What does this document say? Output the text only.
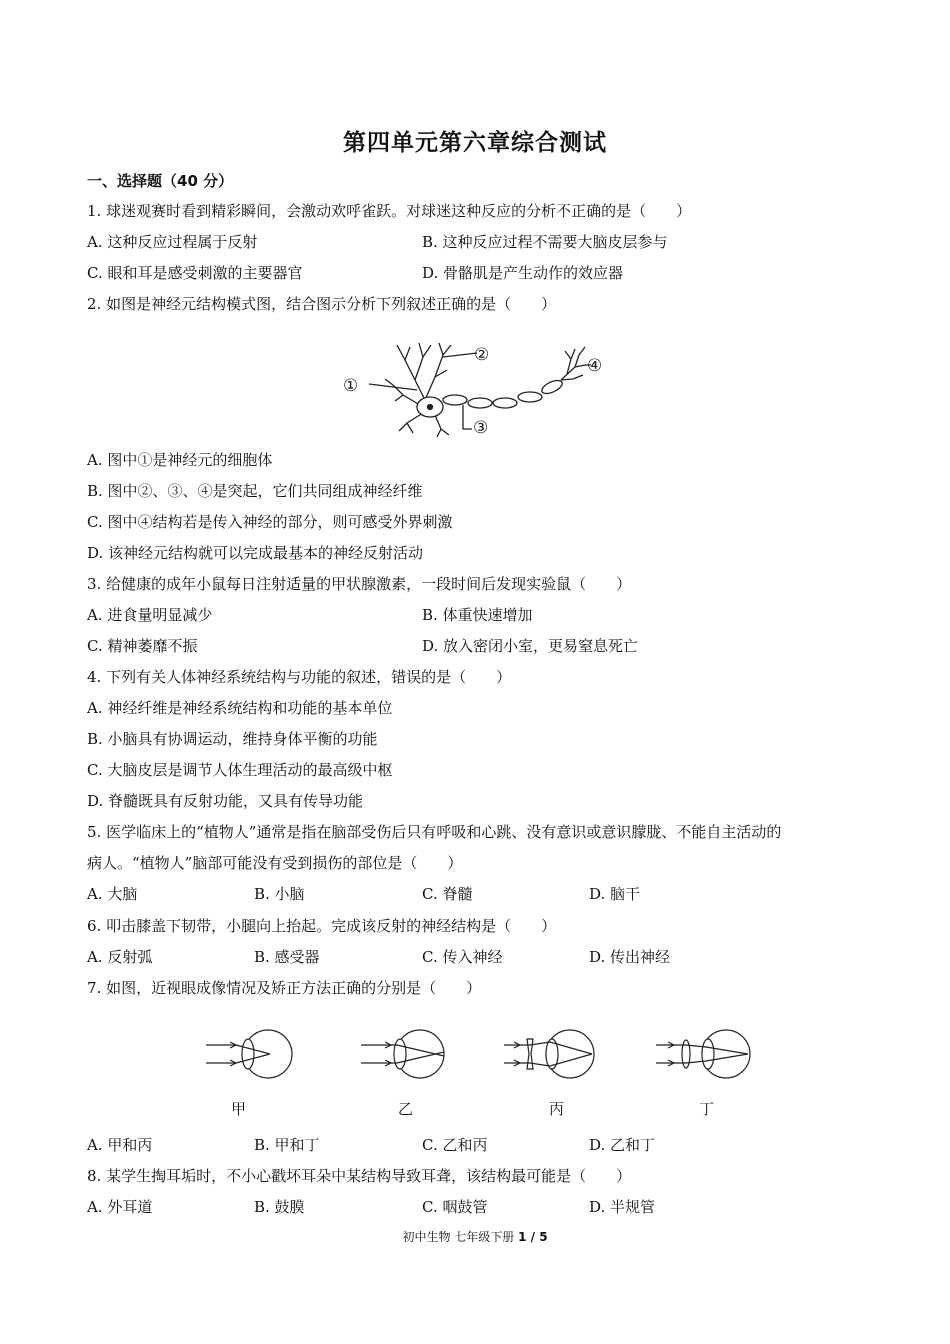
第四单元第六章综合测试
一、选择题（40 分）
1. 球迷观赛时看到精彩瞬间，会激动欢呼雀跃。对球迷这种反应的分析不正确的是（　　）
A. 这种反应过程属于反射	B. 这种反应过程不需要大脑皮层参与
C. 眼和耳是感受刺激的主要器官	D. 骨骼肌是产生动作的效应器
2. 如图是神经元结构模式图，结合图示分析下列叙述正确的是（　　）
①
②
③
④
A. 图中①是神经元的细胞体
B. 图中②、③、④是突起，它们共同组成神经纤维
C. 图中④结构若是传入神经的部分，则可感受外界刺激
D. 该神经元结构就可以完成最基本的神经反射活动
3. 给健康的成年小鼠每日注射适量的甲状腺激素，一段时间后发现实验鼠（　　）
A. 进食量明显减少	B. 体重快速增加
C. 精神萎靡不振	D. 放入密闭小室，更易窒息死亡
4. 下列有关人体神经系统结构与功能的叙述，错误的是（　　）
A. 神经纤维是神经系统结构和功能的基本单位
B. 小脑具有协调运动，维持身体平衡的功能
C. 大脑皮层是调节人体生理活动的最高级中枢
D. 脊髓既具有反射功能，又具有传导功能
5. 医学临床上的“植物人”通常是指在脑部受伤后只有呼吸和心跳、没有意识或意识朦胧、不能自主活动的
病人。“植物人”脑部可能没有受到损伤的部位是（　　）
A. 大脑	B. 小脑	C. 脊髓	D. 脑干
6. 叩击膝盖下韧带，小腿向上抬起。完成该反射的神经结构是（　　）
A. 反射弧	B. 感受器	C. 传入神经	D. 传出神经
7. 如图，近视眼成像情况及矫正方法正确的分别是（　　）
甲	乙	丙	丁
A. 甲和丙	B. 甲和丁	C. 乙和丙	D. 乙和丁
8. 某学生掏耳垢时，不小心戳坏耳朵中某结构导致耳聋，该结构最可能是（　　）
A. 外耳道	B. 鼓膜	C. 咽鼓管	D. 半规管
初中生物 七年级下册 1 / 5
